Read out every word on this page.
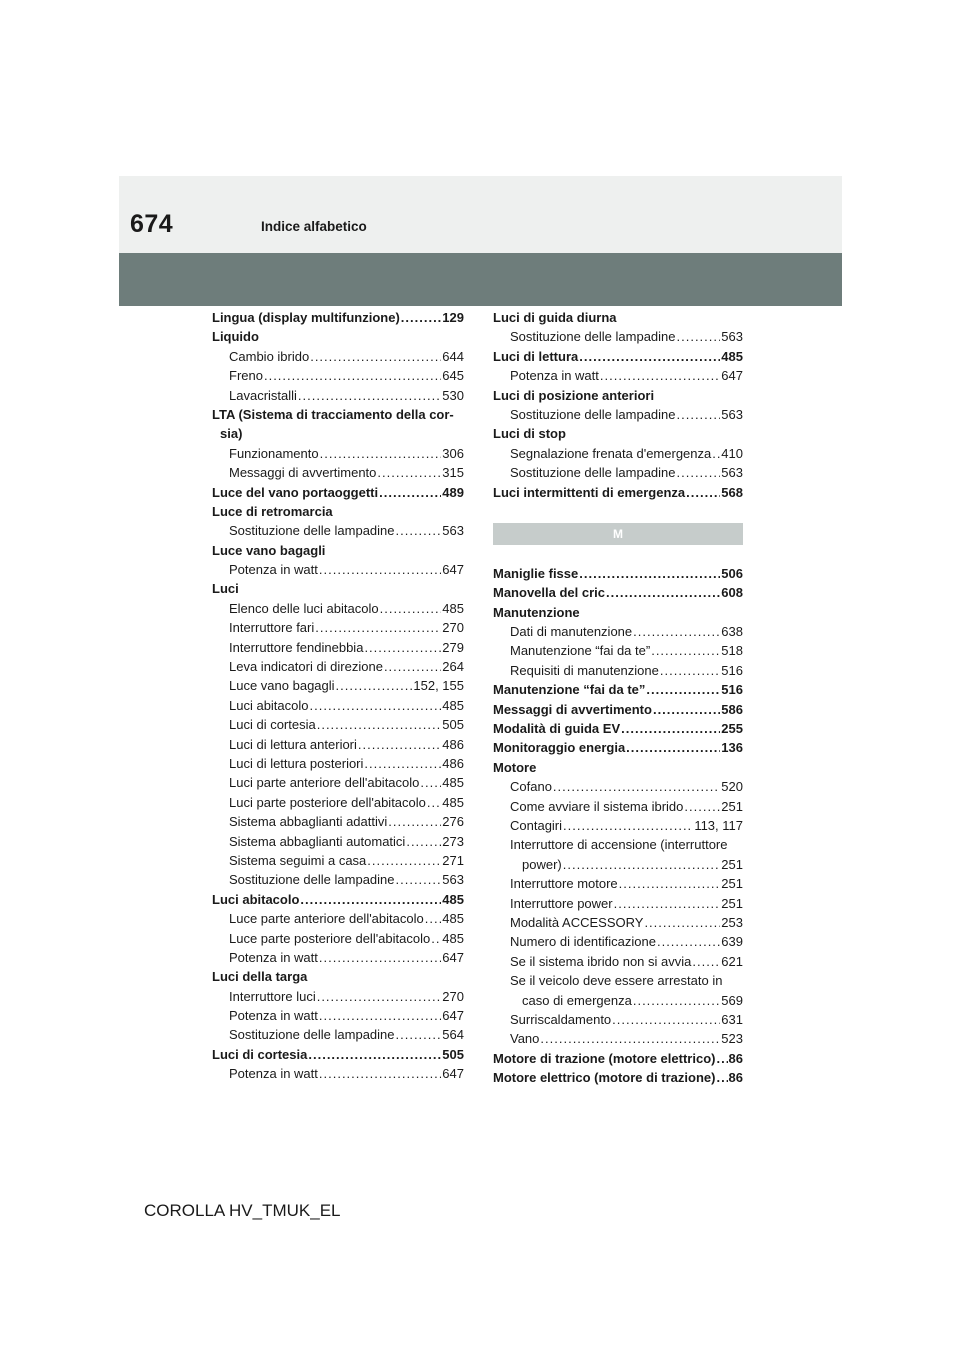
674	Indice alfabetico
Lingua (display multifunzione) .....	129
Liquido
Cambio ibrido .....	644
Freno .....	645
Lavacristalli .....	530
LTA (Sistema di tracciamento della cor-
sia)
Funzionamento .....	306
Messaggi di avvertimento .....	315
Luce del vano portaoggetti .....	489
Luce di retromarcia
Sostituzione delle lampadine .....	563
Luce vano bagagli
Potenza in watt .....	647
Luci
Elenco delle luci abitacolo .....	485
Interruttore fari .....	270
Interruttore fendinebbia .....	279
Leva indicatori di direzione .....	264
Luce vano bagagli .....	152, 155
Luci abitacolo .....	485
Luci di cortesia .....	505
Luci di lettura anteriori .....	486
Luci di lettura posteriori .....	486
Luci parte anteriore dell'abitacolo ..... 485
Luci parte posteriore dell'abitacolo ..... 485
Sistema abbaglianti adattivi .....	276
Sistema abbaglianti automatici .....	273
Sistema seguimi a casa .....	271
Sostituzione delle lampadine .....	563
Luci abitacolo .....	485
Luce parte anteriore dell'abitacolo ..... 485
Luce parte posteriore dell'abitacolo ..... 485
Potenza in watt .....	647
Luci della targa
Interruttore luci .....	270
Potenza in watt .....	647
Sostituzione delle lampadine .....	564
Luci di cortesia .....	505
Potenza in watt .....	647
Luci di guida diurna
Sostituzione delle lampadine .....	563
Luci di lettura .....	485
Potenza in watt .....	647
Luci di posizione anteriori
Sostituzione delle lampadine .....	563
Luci di stop
Segnalazione frenata d'emergenza ..... 410
Sostituzione delle lampadine .....	563
Luci intermittenti di emergenza .....	568
M
Maniglie fisse .....	506
Manovella del cric .....	608
Manutenzione
Dati di manutenzione .....	638
Manutenzione “fai da te” .....	518
Requisiti di manutenzione .....	516
Manutenzione “fai da te” .....	516
Messaggi di avvertimento .....	586
Modalità di guida EV .....	255
Monitoraggio energia .....	136
Motore
Cofano .....	520
Come avviare il sistema ibrido .....	251
Contagiri .....	113, 117
Interruttore di accensione (interruttore
power) .....	251
Interruttore motore .....	251
Interruttore power .....	251
Modalità ACCESSORY .....	253
Numero di identificazione .....	639
Se il sistema ibrido non si avvia ..... 621
Se il veicolo deve essere arrestato in
caso di emergenza .....	569
Surriscaldamento .....	631
Vano .....	523
Motore di trazione (motore elettrico) ..... 86
Motore elettrico (motore di trazione) ..... 86
COROLLA HV_TMUK_EL
